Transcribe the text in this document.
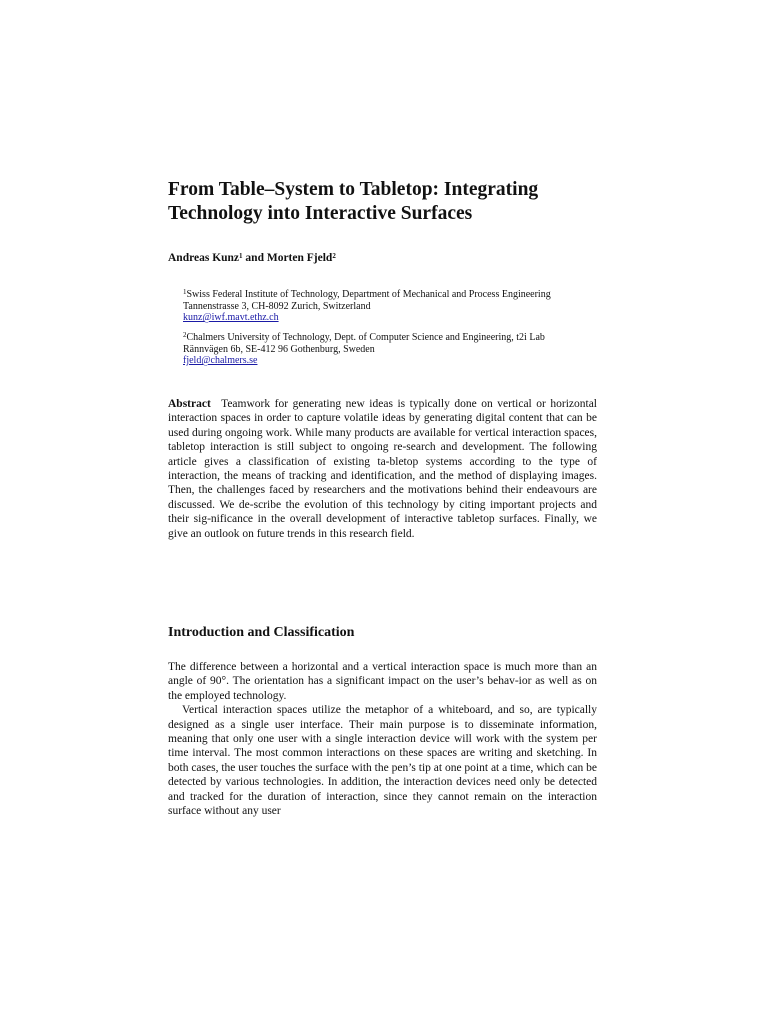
From Table–System to Tabletop: Integrating
Technology into Interactive Surfaces
Andreas Kunz$^1$ and Morten Fjeld$^2$
$^1$Swiss Federal Institute of Technology, Department of Mechanical and Process Engineering
Tannenstrasse 3, CH-8092 Zurich, Switzerland
kunz@iwf.mavt.ethz.ch
$^2$Chalmers University of Technology, Dept. of Computer Science and Engineering, t2i Lab
Rännvägen 6b, SE-412 96 Gothenburg, Sweden
fjeld@chalmers.se

Abstract Teamwork for generating new ideas is typically done on vertical or horizontal interaction spaces in order to capture volatile ideas by generating digital content that can be used during ongoing work. While many products are available for vertical interaction spaces, tabletop interaction is still subject to ongoing re-search and development. The following article gives a classification of existing ta-bletop systems according to the type of interaction, the means of tracking and identification, and the method of displaying images. Then, the challenges faced by researchers and the motivations behind their endeavours are discussed. We de-scribe the evolution of this technology by citing important projects and their sig-nificance in the overall development of interactive tabletop surfaces. Finally, we give an outlook on future trends in this research field.

Introduction and Classification

The difference between a horizontal and a vertical interaction space is much more than an angle of 90°. The orientation has a significant impact on the user’s behav-ior as well as on the employed technology.

Vertical interaction spaces utilize the metaphor of a whiteboard, and so, are typically designed as a single user interface. Their main purpose is to disseminate information, meaning that only one user with a single interaction device will work with the system per time interval. The most common interactions on these spaces are writing and sketching. In both cases, the user touches the surface with the pen’s tip at one point at a time, which can be detected by various technologies. In addition, the interaction devices need only be detected and tracked for the duration of interaction, since they cannot remain on the interaction surface without any user
